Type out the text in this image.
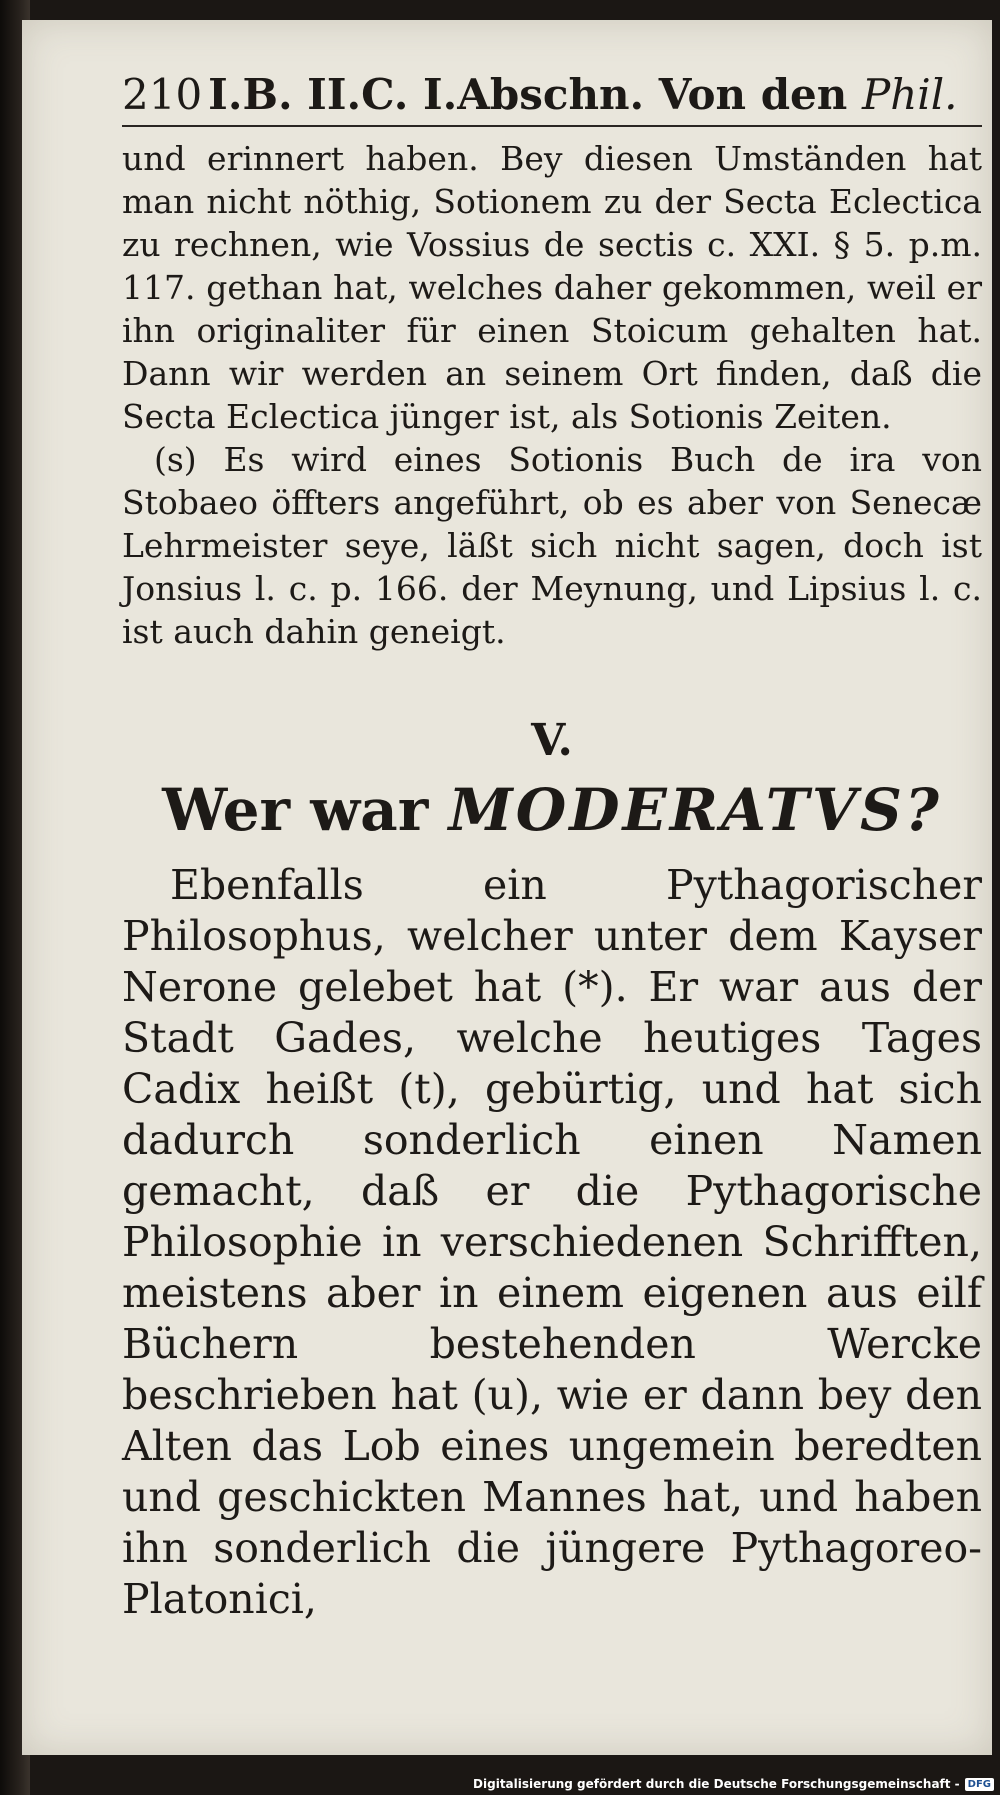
210 I.B. II.C. I.Abschn. Von den
Phil.

und erinnert haben. Bey diesen Umständen hat man nicht nöthig, Sotionem zu der Secta Eclectica zu rechnen, wie Vossius de sectis c. XXI. § 5. p.m. 117. gethan hat, welches daher gekommen, weil er ihn originaliter für einen Stoicum gehalten hat. Dann wir werden an seinem Ort finden, daß die Secta Eclectica jünger ist, als Sotionis Zeiten.

(s) Es wird eines Sotionis Buch de ira von Stobaeo öffters angeführt, ob es aber von Senecæ Lehrmeister seye, läßt sich nicht sagen, doch ist Jonsius l. c. p. 166. der Meynung, und Lipsius l. c. ist auch dahin geneigt.

V.
Wer war MODERATVS?

Ebenfalls ein Pythagorischer Philosophus, welcher unter dem Kayser Nerone gelebet hat (*). Er war aus der Stadt Gades, welche heutiges Tages Cadix heißt (t), gebürtig, und hat sich dadurch sonderlich einen Namen gemacht, daß er die Pythagorische Philosophie in verschiedenen Schrifften, meistens aber in einem eigenen aus eilf Büchern bestehenden Wercke beschrieben hat (u), wie er dann bey den Alten das Lob eines ungemein beredten und geschickten Mannes hat, und haben ihn sonderlich die jüngere Pythagoreo-Platonici,

Digitalisierung gefördert durch die Deutsche Forschungsgemeinschaft - DFG
